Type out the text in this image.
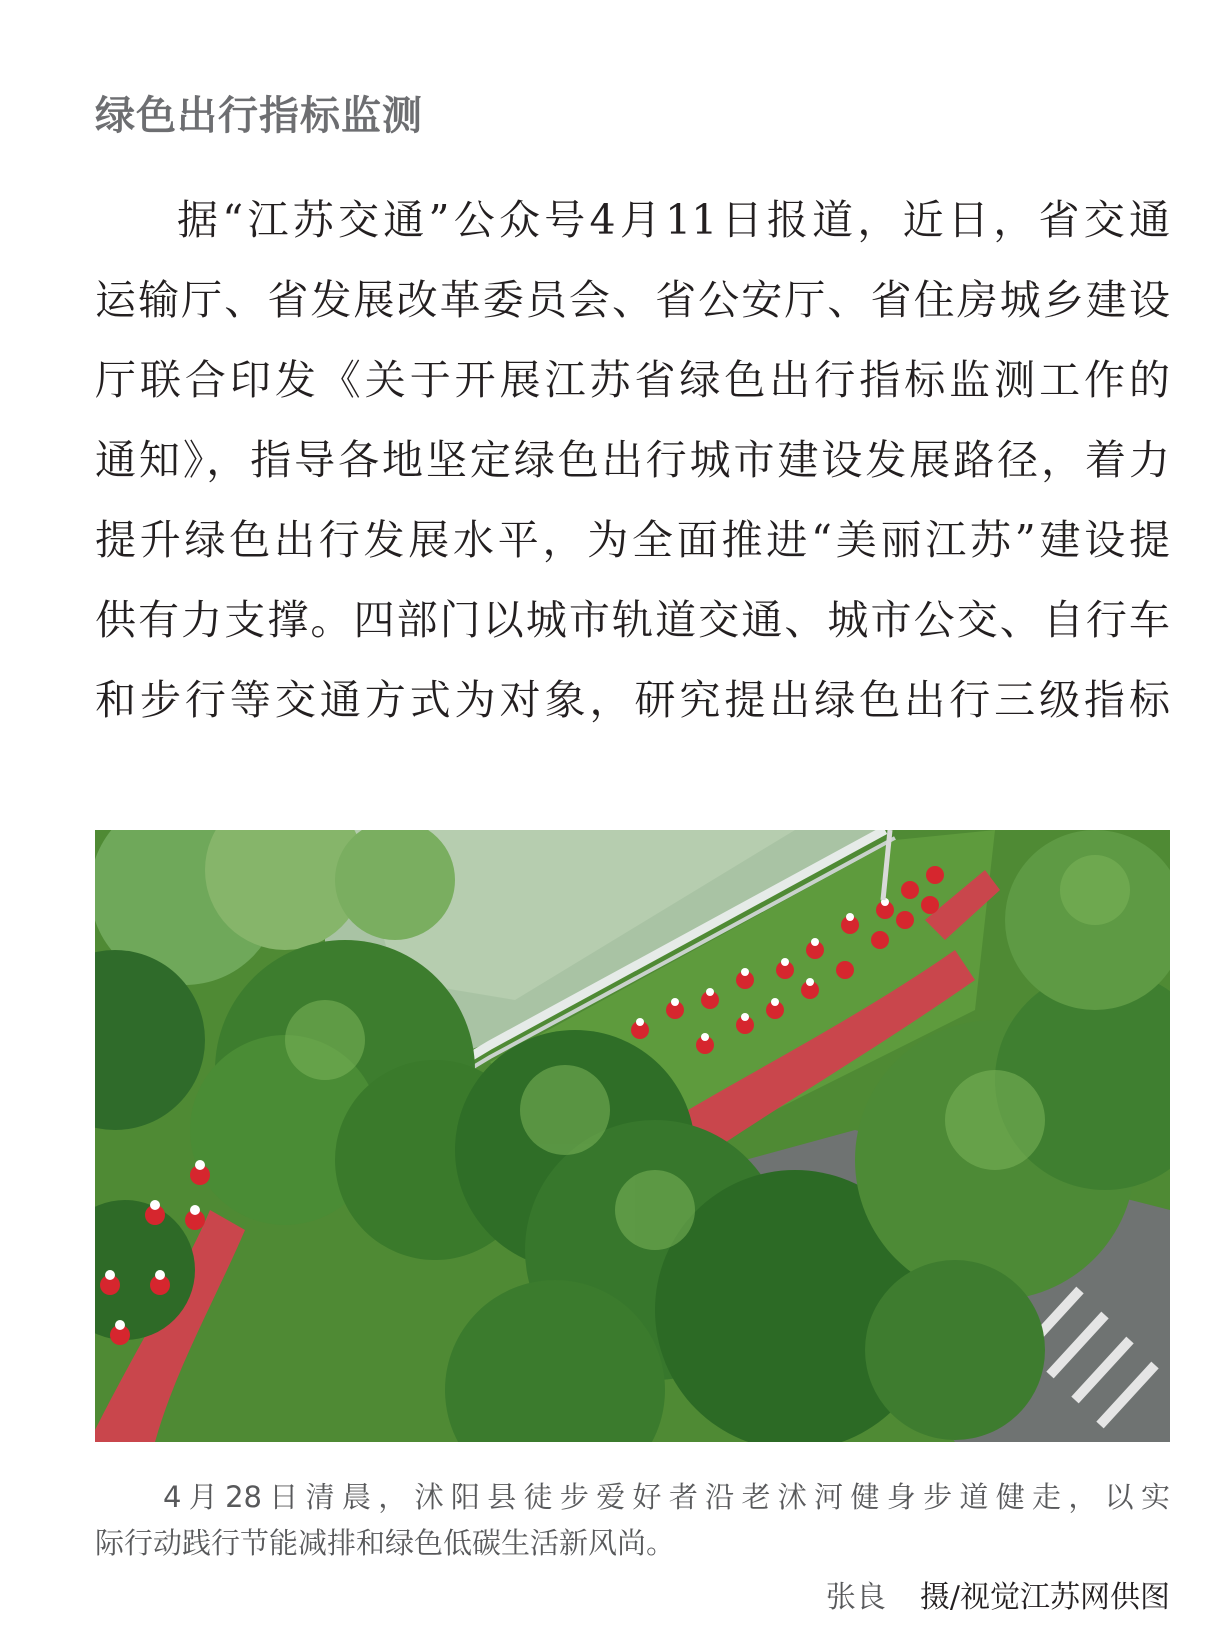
绿色出行指标监测
据“江苏交通”公众号4月11日报道，近日，省交通
运输厅、省发展改革委员会、省公安厅、省住房城乡建设
厅联合印发《关于开展江苏省绿色出行指标监测工作的
通知》，指导各地坚定绿色出行城市建设发展路径，着力
提升绿色出行发展水平，为全面推进“美丽江苏”建设提
供有力支撑。四部门以城市轨道交通、城市公交、自行车
和步行等交通方式为对象，研究提出绿色出行三级指标
4月28日清晨，沭阳县徒步爱好者沿老沭河健身步道健走，以实
际行动践行节能减排和绿色低碳生活新风尚。
张良 摄/视觉江苏网供图
